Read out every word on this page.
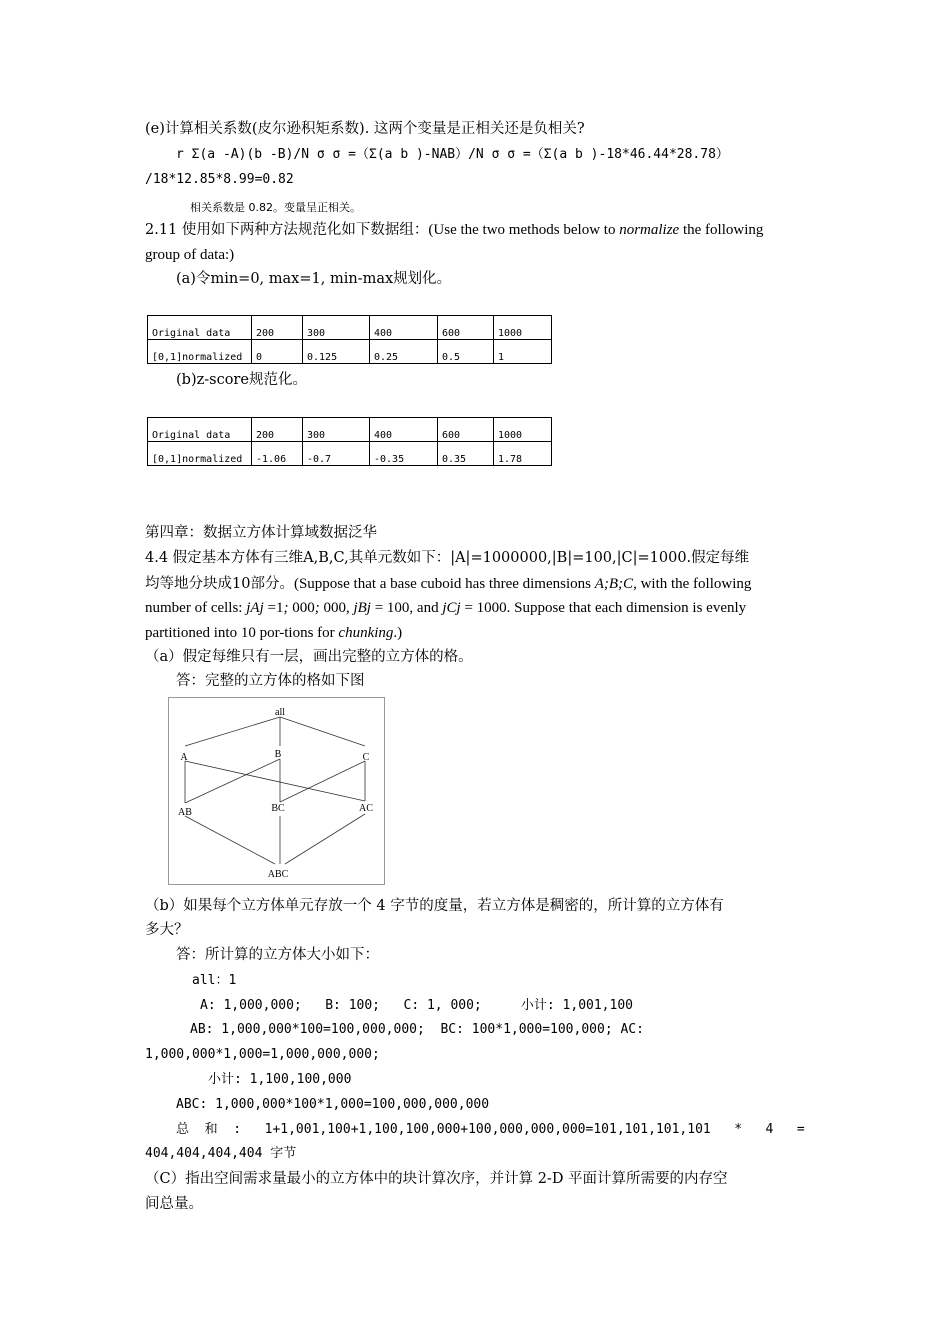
(e)计算相关系数(皮尔逊积矩系数). 这两个变量是正相关还是负相关?
r Σ(a -A)(b -B)/N σ σ =（Σ(a b )-NAB）/N σ σ =（Σ(a b )-18*46.44*28.78）
/18*12.85*8.99=0.82
相关系数是 0.82。变量呈正相关。
2.11 使用如下两种方法规范化如下数据组：(Use the two methods below to normalize the following
group of data:)
(a)令min=0, max=1, min-max规划化。
Original data	200	300	400	600	1000
[0,1]normalized	0	0.125	0.25	0.5	1
(b)z-score规范化。
Original data	200	300	400	600	1000
[0,1]normalized	-1.06	-0.7	-0.35	0.35	1.78
第四章：数据立方体计算域数据泛华
4.4 假定基本方体有三维A,B,C,其单元数如下：|A|=1000000,|B|=100,|C|=1000.假定每维
均等地分块成10部分。(Suppose that a base cuboid has three dimensions A;B;C, with the following
number of cells: jAj =1; 000; 000, jBj = 100, and jCj = 1000. Suppose that each dimension is evenly
partitioned into 10 por-tions for chunking.)
（a）假定每维只有一层，画出完整的立方体的格。
答：完整的立方体的格如下图
all
A	B	C
AB	BC	AC
ABC
（b）如果每个立方体单元存放一个 4 字节的度量，若立方体是稠密的，所计算的立方体有
多大？
答：所计算的立方体大小如下：
all：1
A: 1,000,000;   B: 100;   C: 1, 000;     小计: 1,001,100
AB: 1,000,000*100=100,000,000;  BC: 100*1,000=100,000; AC:
1,000,000*1,000=1,000,000,000;
小计: 1,100,100,000
ABC: 1,000,000*100*1,000=100,000,000,000
总  和  :   1+1,001,100+1,100,100,000+100,000,000,000=101,101,101,101   *   4   =
404,404,404,404 字节
（C）指出空间需求量最小的立方体中的块计算次序，并计算 2-D 平面计算所需要的内存空
间总量。
